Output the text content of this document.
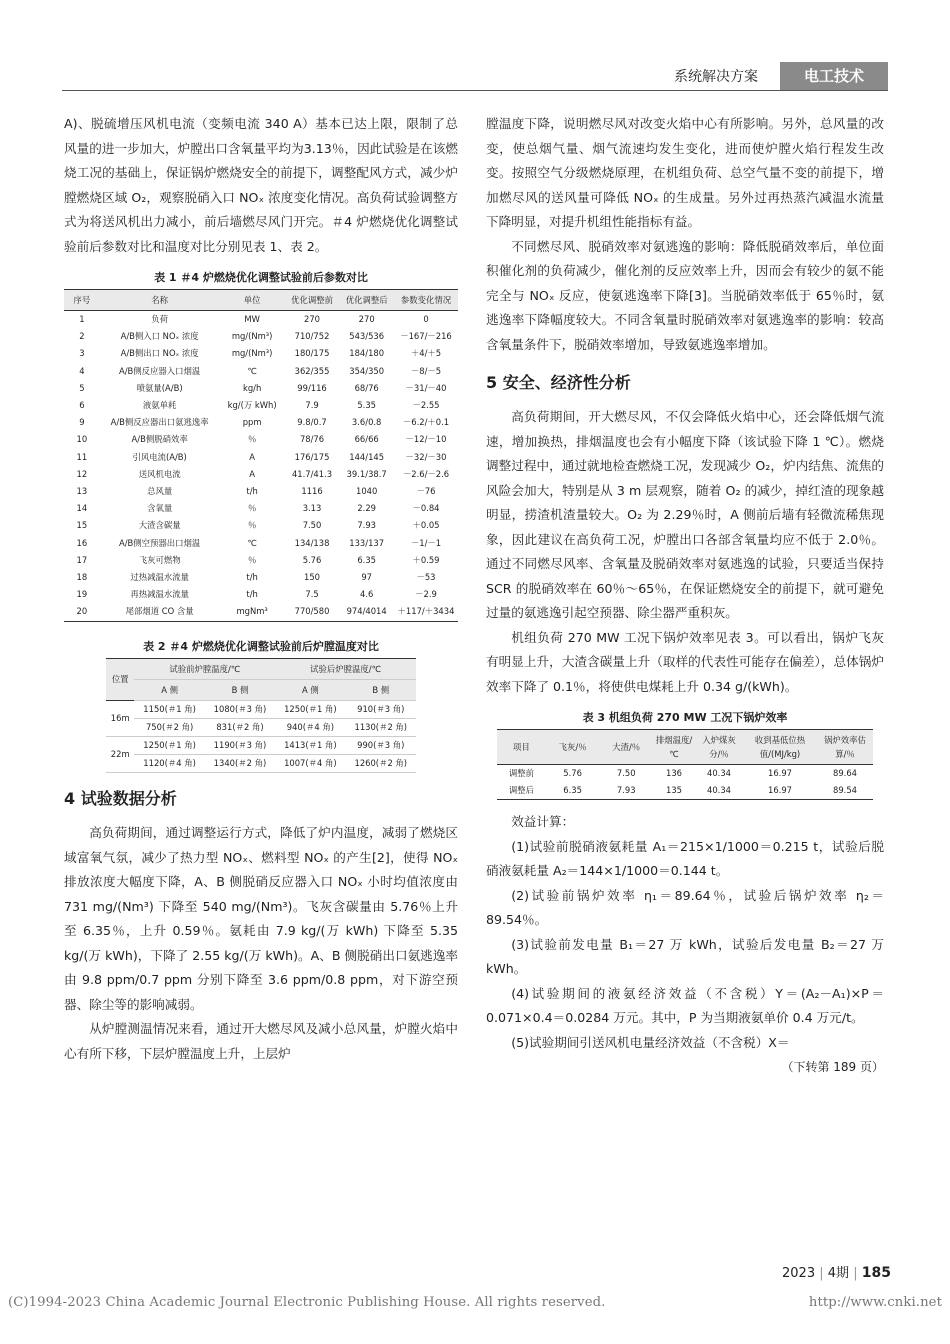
系统解决方案	电工技术

A)、脱硫增压风机电流（变频电流 340 A）基本已达上限，限制了总风量的进一步加大，炉膛出口含氧量平均为3.13％，因此试验是在该燃烧工况的基础上，保证锅炉燃烧安全的前提下，调整配风方式，减少炉膛燃烧区域 O₂，观察脱硝入口 NOₓ 浓度变化情况。高负荷试验调整方式为将送风机出力减小，前后墙燃尽风门开完。＃4 炉燃烧优化调整试验前后参数对比和温度对比分别见表 1、表 2。

表 1 ＃4 炉燃烧优化调整试验前后参数对比
序号	名称	单位	优化调整前	优化调整后	参数变化情况
1	负荷	MW	270	270	0
2	A/B侧入口 NOₓ 浓度	mg/(Nm³)	710/752	543/536	－167/－216
3	A/B侧出口 NOₓ 浓度	mg/(Nm³)	180/175	184/180	＋4/＋5
4	A/B侧反应器入口烟温	℃	362/355	354/350	－8/－5
5	喷氨量(A/B)	kg/h	99/116	68/76	－31/－40
6	液氨单耗	kg/(万 kWh)	7.9	5.35	－2.55
9	A/B侧反应器出口氨逃逸率	ppm	9.8/0.7	3.6/0.8	－6.2/＋0.1
10	A/B侧脱硝效率	％	78/76	66/66	－12/－10
11	引风电流(A/B)	A	176/175	144/145	－32/－30
12	送风机电流	A	41.7/41.3	39.1/38.7	－2.6/－2.6
13	总风量	t/h	1116	1040	－76
14	含氧量	％	3.13	2.29	－0.84
15	大渣含碳量	％	7.50	7.93	＋0.05
16	A/B侧空预器出口烟温	℃	134/138	133/137	－1/－1
17	飞灰可燃物	％	5.76	6.35	＋0.59
18	过热减温水流量	t/h	150	97	－53
19	再热减温水流量	t/h	7.5	4.6	－2.9
20	尾部烟道 CO 含量	mgNm³	770/580	974/4014	＋117/＋3434
表 2 ＃4 炉燃烧优化调整试验前后炉膛温度对比
位置	试验前炉膛温度/℃		试验后炉膛温度/℃	
	A 侧	B 侧	A 侧	B 侧
16m	1150(＃1 角)	1080(＃3 角)	1250(＃1 角)	910(＃3 角)
	750(＃2 角)	831(＃2 角)	940(＃4 角)	1130(＃2 角)
22m	1250(＃1 角)	1190(＃3 角)	1413(＃1 角)	990(＃3 角)
	1120(＃4 角)	1340(＃2 角)	1007(＃4 角)	1260(＃2 角)

4 试验数据分析

高负荷期间，通过调整运行方式，降低了炉内温度，减弱了燃烧区域富氧气氛，减少了热力型 NOₓ、燃料型 NOₓ 的产生[2]，使得 NOₓ 排放浓度大幅度下降，A、B 侧脱硝反应器入口 NOₓ 小时均值浓度由 731 mg/(Nm³) 下降至 540 mg/(Nm³)。飞灰含碳量由 5.76％上升至 6.35％，上升 0.59％。氨耗由 7.9 kg/(万 kWh) 下降至 5.35 kg/(万 kWh)，下降了 2.55 kg/(万 kWh)。A、B 侧脱硝出口氨逃逸率由 9.8 ppm/0.7 ppm 分别下降至 3.6 ppm/0.8 ppm，对下游空预器、除尘等的影响减弱。

从炉膛测温情况来看，通过开大燃尽风及减小总风量，炉膛火焰中心有所下移，下层炉膛温度上升，上层炉

膛温度下降，说明燃尽风对改变火焰中心有所影响。另外，总风量的改变，使总烟气量、烟气流速均发生变化，进而使炉膛火焰行程发生改变。按照空气分级燃烧原理，在机组负荷、总空气量不变的前提下，增加燃尽风的送风量可降低 NOₓ 的生成量。另外过再热蒸汽减温水流量下降明显，对提升机组性能指标有益。

不同燃尽风、脱硝效率对氨逃逸的影响：降低脱硝效率后，单位面积催化剂的负荷减少，催化剂的反应效率上升，因而会有较少的氨不能完全与 NOₓ 反应，使氨逃逸率下降[3]。当脱硝效率低于 65％时，氨逃逸率下降幅度较大。不同含氧量时脱硝效率对氨逃逸率的影响：较高含氧量条件下，脱硝效率增加，导致氨逃逸率增加。

5 安全、经济性分析

高负荷期间，开大燃尽风，不仅会降低火焰中心，还会降低烟气流速，增加换热，排烟温度也会有小幅度下降（该试验下降 1 ℃）。燃烧调整过程中，通过就地检查燃烧工况，发现减少 O₂，炉内结焦、流焦的风险会加大，特别是从 3 m 层观察，随着 O₂ 的减少，掉红渣的现象越明显，捞渣机渣量较大。O₂ 为 2.29％时，A 侧前后墙有轻微流稀焦现象，因此建议在高负荷工况，炉膛出口各部含氧量均应不低于 2.0％。通过不同燃尽风率、含氧量及脱硝效率对氨逃逸的试验，只要适当保持 SCR 的脱硝效率在 60％～65％，在保证燃烧安全的前提下，就可避免过量的氨逃逸引起空预器、除尘器严重积灰。

机组负荷 270 MW 工况下锅炉效率见表 3。可以看出，锅炉飞灰有明显上升，大渣含碳量上升（取样的代表性可能存在偏差），总体锅炉效率下降了 0.1％，将使供电煤耗上升 0.34 g/(kWh)。

表 3 机组负荷 270 MW 工况下锅炉效率
项目	飞灰/％	大渣/％	排烟温度/℃	入炉煤灰分/％	收到基低位热值/(MJ/kg)	锅炉效率估算/％
调整前	5.76	7.50	136	40.34	16.97	89.64
调整后	6.35	7.93	135	40.34	16.97	89.54

效益计算：

(1)试验前脱硝液氨耗量 A₁＝215×1/1000＝0.215 t，试验后脱硝液氨耗量 A₂＝144×1/1000＝0.144 t。

(2)试验前锅炉效率 η₁＝89.64％，试验后锅炉效率 η₂＝89.54％。

(3)试验前发电量 B₁＝27 万 kWh，试验后发电量 B₂＝27 万 kWh。

(4)试验期间的液氨经济效益（不含税）Y＝(A₂－A₁)×P＝0.071×0.4＝0.0284 万元。其中，P 为当期液氨单价 0.4 万元/t。

(5)试验期间引送风机电量经济效益（不含税）X＝

（下转第 189 页）

2023 | 4期 | 185
(C)1994-2023 China Academic Journal Electronic Publishing House. All rights reserved.	http://www.cnki.net
